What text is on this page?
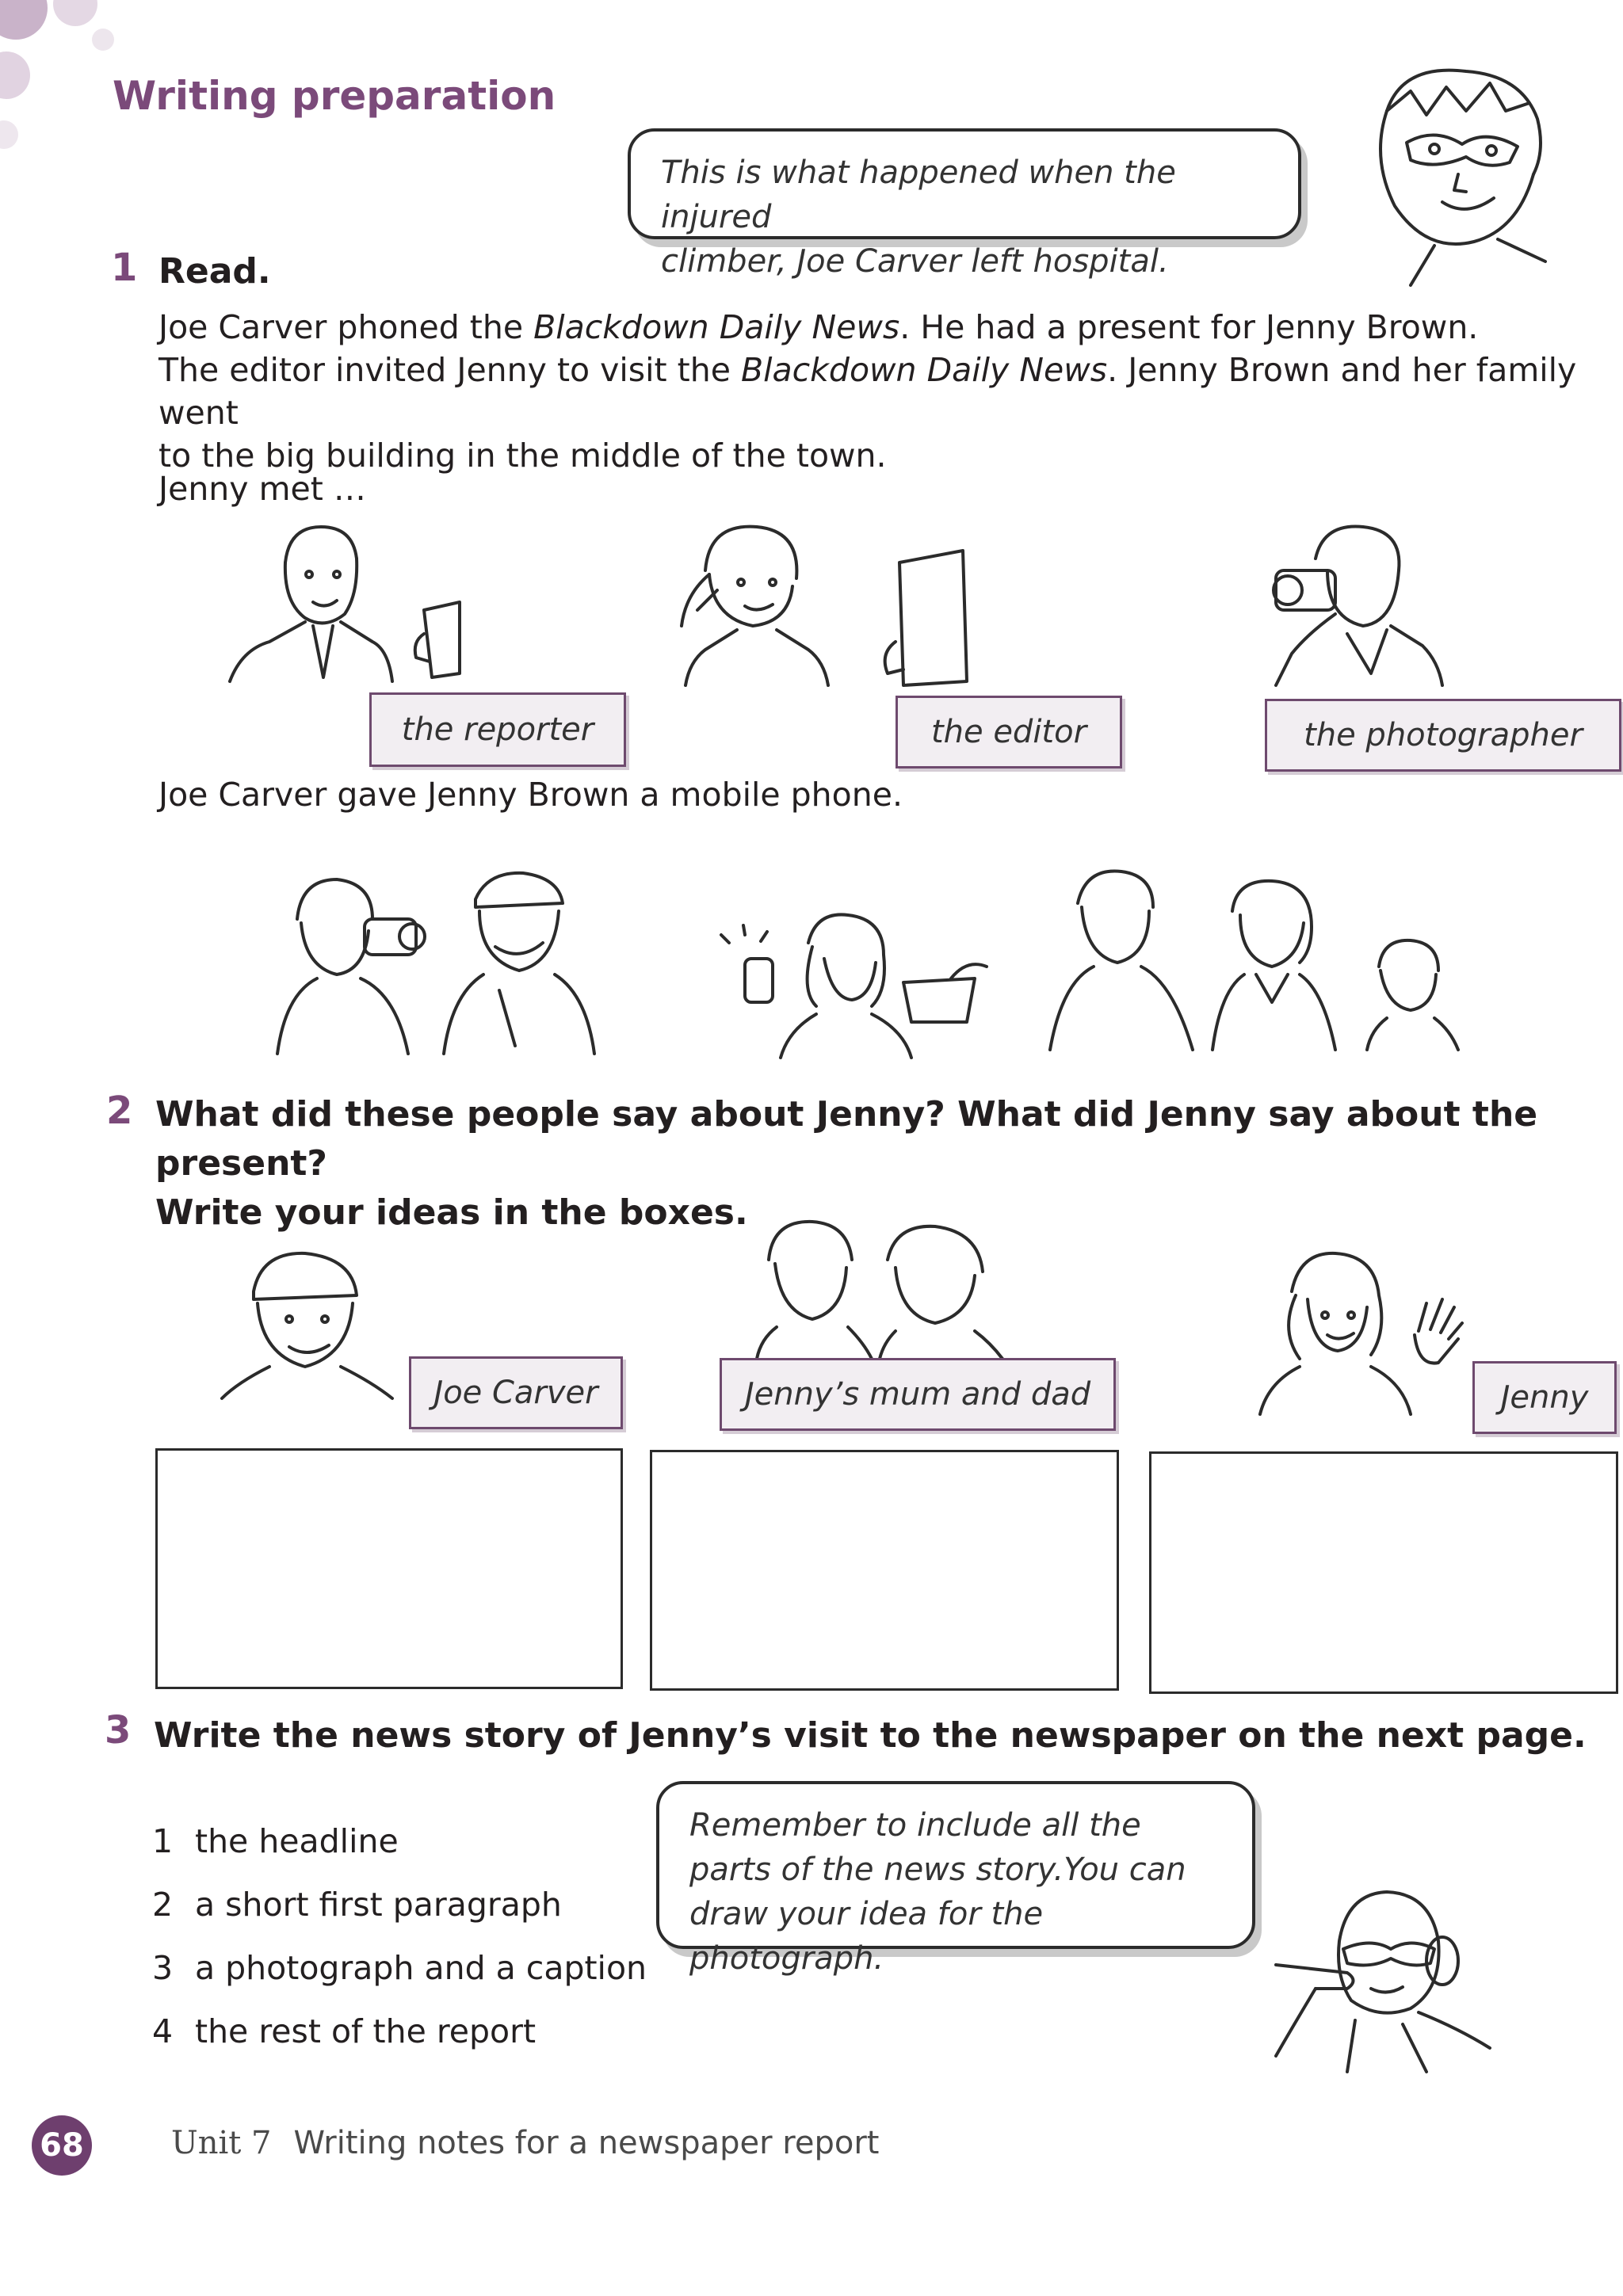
Writing preparation
This is what happened when the injured
climber, Joe Carver left hospital.
1 Read.
Joe Carver phoned the Blackdown Daily News. He had a present for Jenny Brown.
The editor invited Jenny to visit the Blackdown Daily News. Jenny Brown and her family went
to the big building in the middle of the town.
Jenny met …
the reporter	the editor	the photographer
Joe Carver gave Jenny Brown a mobile phone.
2 What did these people say about Jenny? What did Jenny say about the present?
Write your ideas in the boxes.
Joe Carver	Jenny’s mum and dad	Jenny
3 Write the news story of Jenny’s visit to the newspaper on the next page.
1 the headline
2 a short first paragraph
3 a photograph and a caption
4 the rest of the report
Remember to include all the
parts of the news story.You can
draw your idea for the photograph.
68	Unit 7 Writing notes for a newspaper report
